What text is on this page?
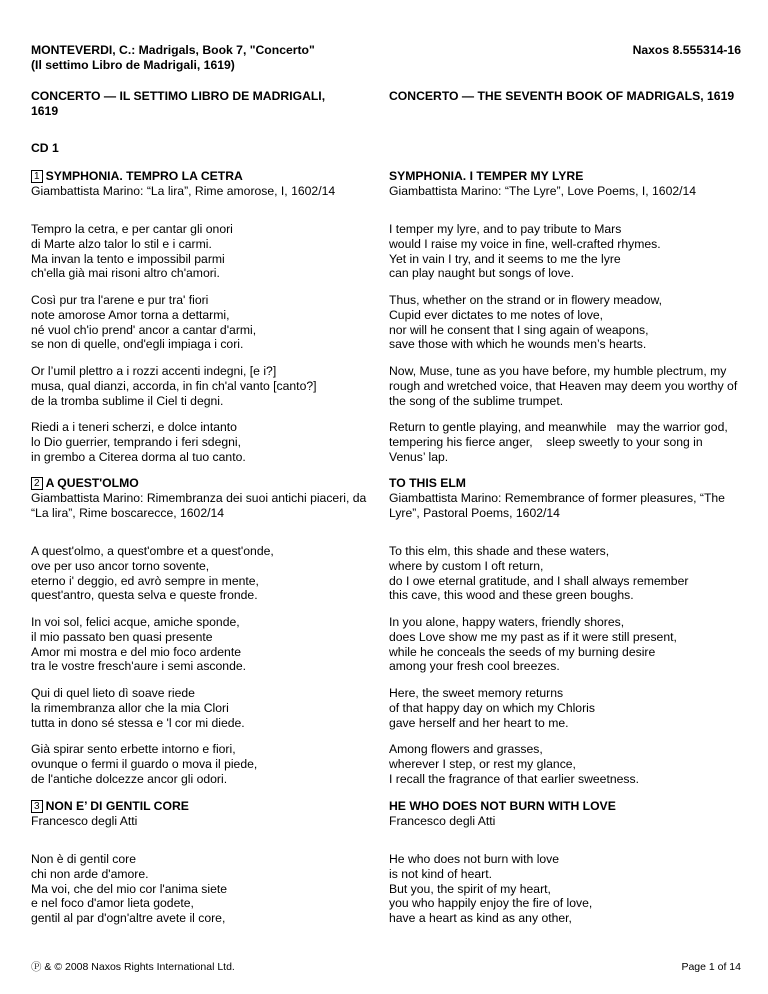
MONTEVERDI, C.: Madrigals, Book 7, "Concerto"
(Il settimo Libro de Madrigali, 1619)
Naxos 8.555314-16
CONCERTO — IL SETTIMO LIBRO DE MADRIGALI, 1619
CONCERTO — THE SEVENTH BOOK OF MADRIGALS, 1619
CD 1
1 SYMPHONIA. TEMPRO LA CETRA
Giambattista Marino: “La lira”, Rime amorose, I, 1602/14
SYMPHONIA. I TEMPER MY LYRE
Giambattista Marino: “The Lyre”, Love Poems, I, 1602/14
Tempro la cetra, e per cantar gli onori
di Marte alzo talor lo stil e i carmi.
Ma invan la tento e impossibil parmi
ch'ella già mai risoni altro ch'amori.
I temper my lyre, and to pay tribute to Mars
would I raise my voice in fine, well-crafted rhymes.
Yet in vain I try, and it seems to me the lyre
can play naught but songs of love.
Così pur tra l'arene e pur tra' fiori
note amorose Amor torna a dettarmi,
né vuol ch'io prend' ancor a cantar d'armi,
se non di quelle, ond'egli impiaga i cori.
Thus, whether on the strand or in flowery meadow,
Cupid ever dictates to me notes of love,
nor will he consent that I sing again of weapons,
save those with which he wounds men’s hearts.
Or l’umil plettro a i rozzi accenti indegni, [e i?]
musa, qual dianzi, accorda, in fin ch'al vanto [canto?]
de la tromba sublime il Ciel ti degni.
Now, Muse, tune as you have before, my humble plectrum, my rough and wretched voice, that Heaven may deem you worthy of the song of the sublime trumpet.
Riedi a i teneri scherzi, e dolce intanto
lo Dio guerrier, temprando i feri sdegni,
in grembo a Citerea dorma al tuo canto.
Return to gentle playing, and meanwhile   may the warrior god, tempering his fierce anger,    sleep sweetly to your song in Venus’ lap.
2 A QUEST'OLMO
Giambattista Marino: Rimembranza dei suoi antichi piaceri, da “La lira”, Rime boscarecce, 1602/14
TO THIS ELM
Giambattista Marino: Remembrance of former pleasures, “The Lyre”, Pastoral Poems, 1602/14
A quest'olmo, a quest'ombre et a quest'onde,
ove per uso ancor torno sovente,
eterno i' deggio, ed avrò sempre in mente,
quest'antro, questa selva e queste fronde.
To this elm, this shade and these waters,
where by custom I oft return,
do I owe eternal gratitude, and I shall always remember
this cave, this wood and these green boughs.
In voi sol, felici acque, amiche sponde,
il mio passato ben quasi presente
Amor mi mostra e del mio foco ardente
tra le vostre fresch'aure i semi asconde.
In you alone, happy waters, friendly shores,
does Love show me my past as if it were still present,
while he conceals the seeds of my burning desire
among your fresh cool breezes.
Qui di quel lieto dì soave riede
la rimembranza allor che la mia Clori
tutta in dono sé stessa e 'l cor mi diede.
Here, the sweet memory returns
of that happy day on which my Chloris
gave herself and her heart to me.
Già spirar sento erbette intorno e fiori,
ovunque o fermi il guardo o mova il piede,
de l'antiche dolcezze ancor gli odori.
Among flowers and grasses,
wherever I step, or rest my glance,
I recall the fragrance of that earlier sweetness.
3 NON E’ DI GENTIL CORE
Francesco degli Atti
HE WHO DOES NOT BURN WITH LOVE
Francesco degli Atti
Non è di gentil core
chi non arde d'amore.
Ma voi, che del mio cor l'anima siete
e nel foco d'amor lieta godete,
gentil al par d'ogn'altre avete il core,
He who does not burn with love
is not kind of heart.
But you, the spirit of my heart,
you who happily enjoy the fire of love,
have a heart as kind as any other,
Ⓟ & © 2008 Naxos Rights International Ltd.	Page 1 of 14
